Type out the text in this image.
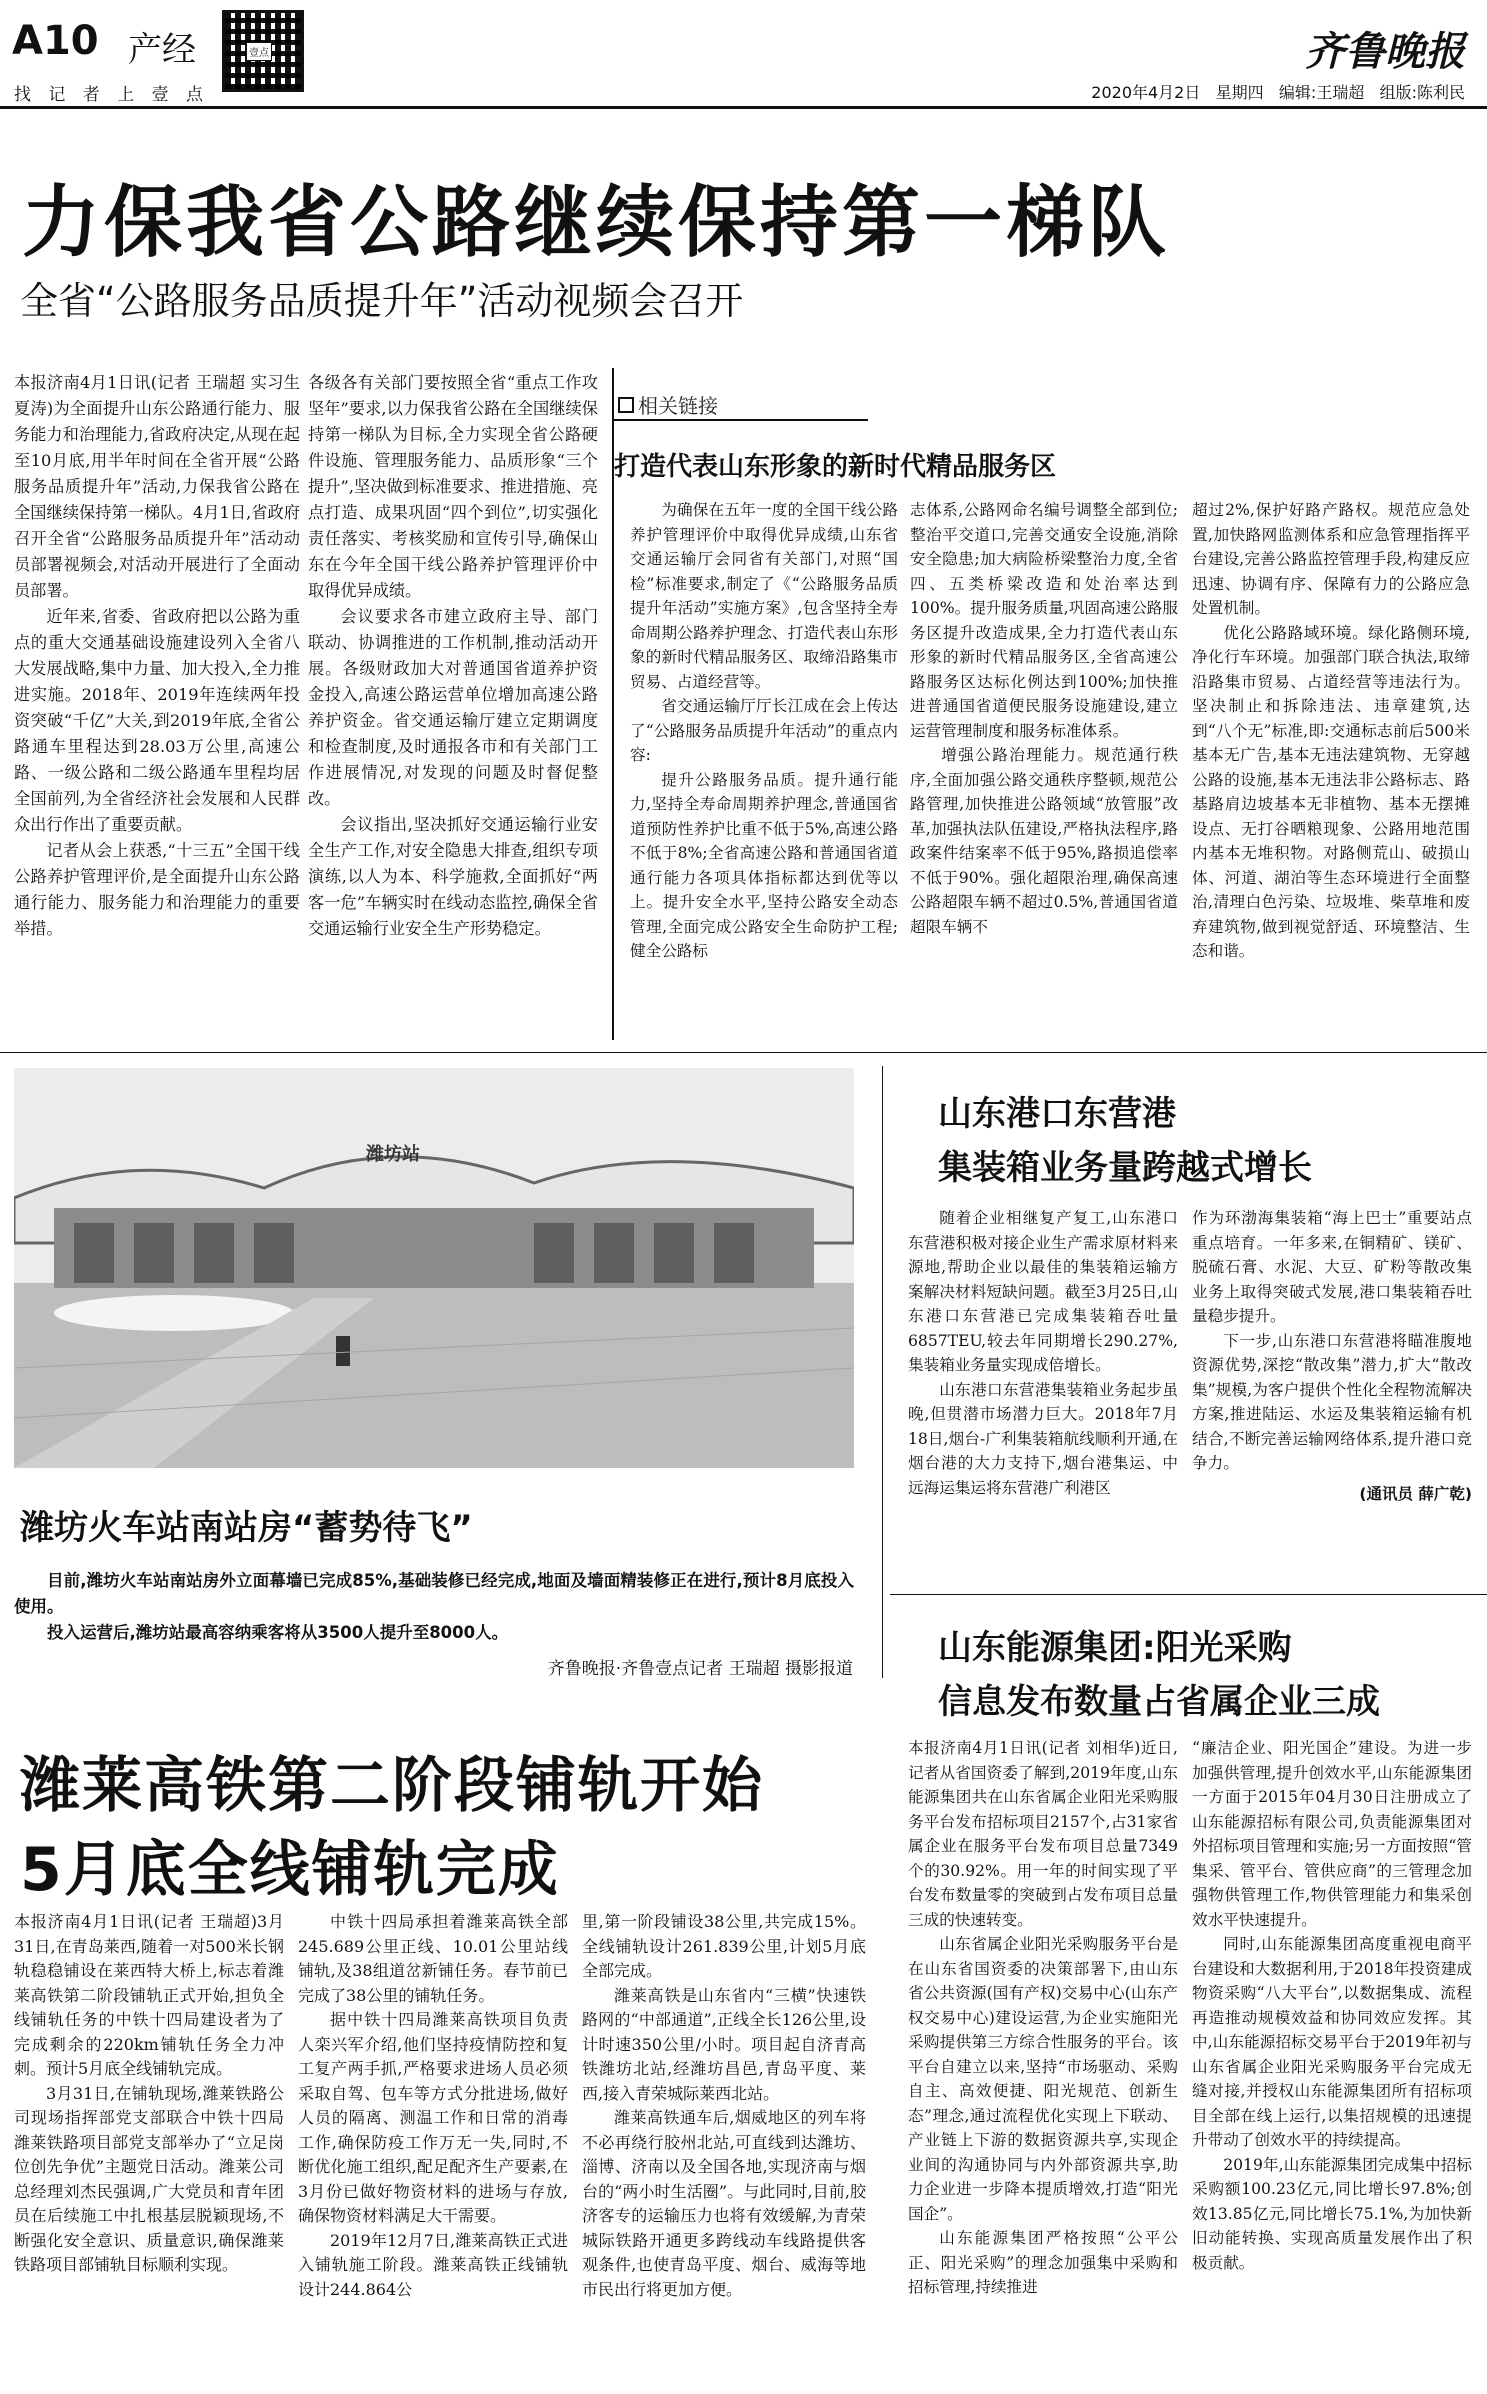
A10 产经
找 记 者 上 壹 点
壹点	齐鲁晚报
2020年4月2日 星期四 编辑:王瑞超 组版:陈利民
力保我省公路继续保持第一梯队
全省“公路服务品质提升年”活动视频会召开

本报济南4月1日讯(记者 王瑞超 实习生 夏涛)为全面提升山东公路通行能力、服务能力和治理能力,省政府决定,从现在起至10月底,用半年时间在全省开展“公路服务品质提升年”活动,力保我省公路在全国继续保持第一梯队。4月1日,省政府召开全省“公路服务品质提升年”活动动员部署视频会,对活动开展进行了全面动员部署。

近年来,省委、省政府把以公路为重点的重大交通基础设施建设列入全省八大发展战略,集中力量、加大投入,全力推进实施。2018年、2019年连续两年投资突破“千亿”大关,到2019年底,全省公路通车里程达到28.03万公里,高速公路、一级公路和二级公路通车里程均居全国前列,为全省经济社会发展和人民群众出行作出了重要贡献。

记者从会上获悉,“十三五”全国干线公路养护管理评价,是全面提升山东公路通行能力、服务能力和治理能力的重要举措。

各级各有关部门要按照全省“重点工作攻坚年”要求,以力保我省公路在全国继续保持第一梯队为目标,全力实现全省公路硬件设施、管理服务能力、品质形象“三个提升”,坚决做到标准要求、推进措施、亮点打造、成果巩固“四个到位”,切实强化责任落实、考核奖励和宣传引导,确保山东在今年全国干线公路养护管理评价中取得优异成绩。

会议要求各市建立政府主导、部门联动、协调推进的工作机制,推动活动开展。各级财政加大对普通国省道养护资金投入,高速公路运营单位增加高速公路养护资金。省交通运输厅建立定期调度和检查制度,及时通报各市和有关部门工作进展情况,对发现的问题及时督促整改。

会议指出,坚决抓好交通运输行业安全生产工作,对安全隐患大排查,组织专项演练,以人为本、科学施救,全面抓好“两客一危”车辆实时在线动态监控,确保全省交通运输行业安全生产形势稳定。

相关链接
打造代表山东形象的新时代精品服务区

为确保在五年一度的全国干线公路养护管理评价中取得优异成绩,山东省交通运输厅会同省有关部门,对照“国检”标准要求,制定了《“公路服务品质提升年活动”实施方案》,包含坚持全寿命周期公路养护理念、打造代表山东形象的新时代精品服务区、取缔沿路集市贸易、占道经营等。

省交通运输厅厅长江成在会上传达了“公路服务品质提升年活动”的重点内容:

提升公路服务品质。提升通行能力,坚持全寿命周期养护理念,普通国省道预防性养护比重不低于5%,高速公路不低于8%;全省高速公路和普通国省道通行能力各项具体指标都达到优等以上。提升安全水平,坚持公路安全动态管理,全面完成公路安全生命防护工程;健全公路标

志体系,公路网命名编号调整全部到位;整治平交道口,完善交通安全设施,消除安全隐患;加大病险桥梁整治力度,全省四、五类桥梁改造和处治率达到100%。提升服务质量,巩固高速公路服务区提升改造成果,全力打造代表山东形象的新时代精品服务区,全省高速公路服务区达标化例达到100%;加快推进普通国省道便民服务设施建设,建立运营管理制度和服务标准体系。

增强公路治理能力。规范通行秩序,全面加强公路交通秩序整顿,规范公路管理,加快推进公路领域“放管服”改革,加强执法队伍建设,严格执法程序,路政案件结案率不低于95%,路损追偿率不低于90%。强化超限治理,确保高速公路超限车辆不超过0.5%,普通国省道超限车辆不

超过2%,保护好路产路权。规范应急处置,加快路网监测体系和应急管理指挥平台建设,完善公路监控管理手段,构建反应迅速、协调有序、保障有力的公路应急处置机制。

优化公路路域环境。绿化路侧环境,净化行车环境。加强部门联合执法,取缔沿路集市贸易、占道经营等违法行为。坚决制止和拆除违法、违章建筑,达到“八个无”标准,即:交通标志前后500米基本无广告,基本无违法建筑物、无穿越公路的设施,基本无违法非公路标志、路基路肩边坡基本无非植物、基本无摆摊设点、无打谷晒粮现象、公路用地范围内基本无堆积物。对路侧荒山、破损山体、河道、湖泊等生态环境进行全面整治,清理白色污染、垃圾堆、柴草堆和废弃建筑物,做到视觉舒适、环境整洁、生态和谐。

潍坊站
潍坊火车站南站房“蓄势待飞”
目前,潍坊火车站南站房外立面幕墙已完成85%,基础装修已经完成,地面及墙面精装修正在进行,预计8月底投入使用。
投入运营后,潍坊站最高容纳乘客将从3500人提升至8000人。
齐鲁晚报·齐鲁壹点记者 王瑞超 摄影报道
山东港口东营港
集装箱业务量跨越式增长

随着企业相继复产复工,山东港口东营港积极对接企业生产需求原材料来源地,帮助企业以最佳的集装箱运输方案解决材料短缺问题。截至3月25日,山东港口东营港已完成集装箱吞吐量6857TEU,较去年同期增长290.27%,集装箱业务量实现成倍增长。

山东港口东营港集装箱业务起步虽晚,但贯潜市场潜力巨大。2018年7月18日,烟台-广利集装箱航线顺利开通,在烟台港的大力支持下,烟台港集运、中远海运集运将东营港广利港区

作为环渤海集装箱“海上巴士”重要站点重点培育。一年多来,在铜精矿、镁矿、脱硫石膏、水泥、大豆、矿粉等散改集业务上取得突破式发展,港口集装箱吞吐量稳步提升。

下一步,山东港口东营港将瞄准腹地资源优势,深挖“散改集”潜力,扩大“散改集”规模,为客户提供个性化全程物流解决方案,推进陆运、水运及集装箱运输有机结合,不断完善运输网络体系,提升港口竞争力。

(通讯员 薛广乾)

山东能源集团:阳光采购
信息发布数量占省属企业三成

本报济南4月1日讯(记者 刘相华)近日,记者从省国资委了解到,2019年度,山东能源集团共在山东省属企业阳光采购服务平台发布招标项目2157个,占31家省属企业在服务平台发布项目总量7349个的30.92%。用一年的时间实现了平台发布数量零的突破到占发布项目总量三成的快速转变。

山东省属企业阳光采购服务平台是在山东省国资委的决策部署下,由山东省公共资源(国有产权)交易中心(山东产权交易中心)建设运营,为企业实施阳光采购提供第三方综合性服务的平台。该平台自建立以来,坚持“市场驱动、采购自主、高效便捷、阳光规范、创新生态”理念,通过流程优化实现上下联动、产业链上下游的数据资源共享,实现企业间的沟通协同与内外部资源共享,助力企业进一步降本提质增效,打造“阳光国企”。

山东能源集团严格按照“公平公正、阳光采购”的理念加强集中采购和招标管理,持续推进

“廉洁企业、阳光国企”建设。为进一步加强供管理,提升创效水平,山东能源集团一方面于2015年04月30日注册成立了山东能源招标有限公司,负责能源集团对外招标项目管理和实施;另一方面按照“管集采、管平台、管供应商”的三管理念加强物供管理工作,物供管理能力和集采创效水平快速提升。

同时,山东能源集团高度重视电商平台建设和大数据利用,于2018年投资建成物资采购“八大平台”,以数据集成、流程再造推动规模效益和协同效应发挥。其中,山东能源招标交易平台于2019年初与山东省属企业阳光采购服务平台完成无缝对接,并授权山东能源集团所有招标项目全部在线上运行,以集招规模的迅速提升带动了创效水平的持续提高。

2019年,山东能源集团完成集中招标采购额100.23亿元,同比增长97.8%;创效13.85亿元,同比增长75.1%,为加快新旧动能转换、实现高质量发展作出了积极贡献。

潍莱高铁第二阶段铺轨开始
5月底全线铺轨完成

本报济南4月1日讯(记者 王瑞超)3月31日,在青岛莱西,随着一对500米长钢轨稳稳铺设在莱西特大桥上,标志着潍莱高铁第二阶段铺轨正式开始,担负全线铺轨任务的中铁十四局建设者为了完成剩余的220km铺轨任务全力冲刺。预计5月底全线铺轨完成。

3月31日,在铺轨现场,潍莱铁路公司现场指挥部党支部联合中铁十四局潍莱铁路项目部党支部举办了“立足岗位创先争优”主题党日活动。潍莱公司总经理刘杰民强调,广大党员和青年团员在后续施工中扎根基层脱颖现场,不断强化安全意识、质量意识,确保潍莱铁路项目部铺轨目标顺利实现。

中铁十四局承担着潍莱高铁全部245.689公里正线、10.01公里站线铺轨,及38组道岔新铺任务。春节前已完成了38公里的铺轨任务。

据中铁十四局潍莱高铁项目负责人栾兴军介绍,他们坚持疫情防控和复工复产两手抓,严格要求进场人员必须采取自驾、包车等方式分批进场,做好人员的隔离、测温工作和日常的消毒工作,确保防疫工作万无一失,同时,不断优化施工组织,配足配齐生产要素,在3月份已做好物资材料的进场与存放,确保物资材料满足大干需要。

2019年12月7日,潍莱高铁正式进入铺轨施工阶段。潍莱高铁正线铺轨设计244.864公

里,第一阶段铺设38公里,共完成15%。全线铺轨设计261.839公里,计划5月底全部完成。

潍莱高铁是山东省内“三横”快速铁路网的“中部通道”,正线全长126公里,设计时速350公里/小时。项目起自济青高铁潍坊北站,经潍坊昌邑,青岛平度、莱西,接入青荣城际莱西北站。

潍莱高铁通车后,烟威地区的列车将不必再绕行胶州北站,可直线到达潍坊、淄博、济南以及全国各地,实现济南与烟台的“两小时生活圈”。与此同时,目前,胶济客专的运输压力也将有效缓解,为青荣城际铁路开通更多跨线动车线路提供客观条件,也使青岛平度、烟台、威海等地市民出行将更加方便。
